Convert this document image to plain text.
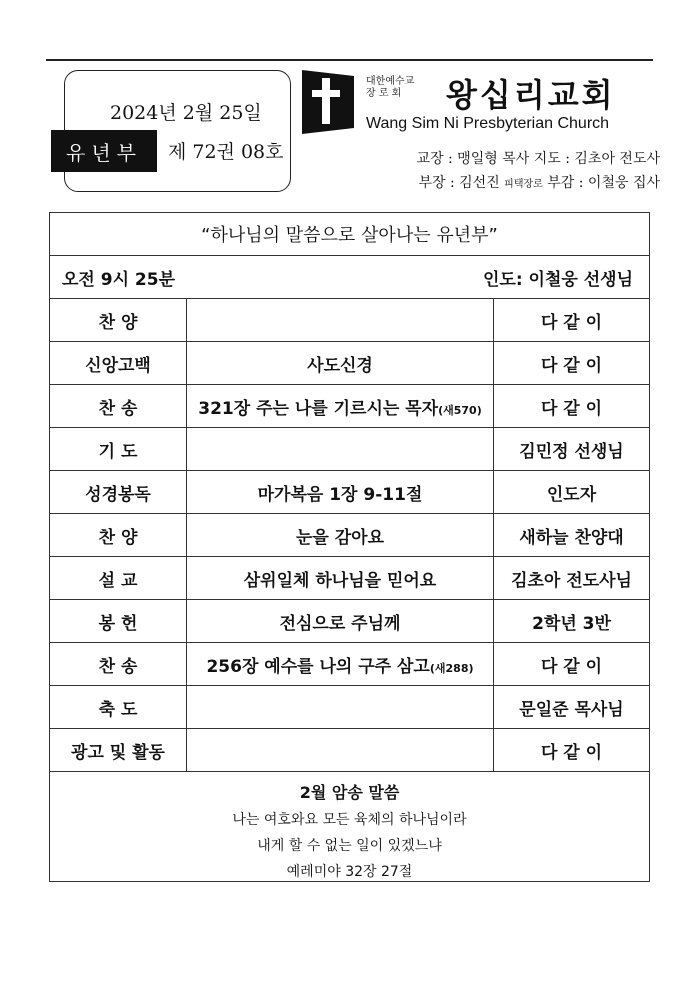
2024년 2월 25일
유년부	제 72권 08호
대한예수교
장 로 회	왕십리교회
Wang Sim Ni Presbyterian Church
교장 : 맹일형 목사 지도 : 김초아 전도사
부장 : 김선진 피택장로 부감 : 이철웅 집사
“하나님의 말씀으로 살아나는 유년부”		

오전 9시 25분 인도: 이철웅 선생님		

찬 양		다 같 이
신앙고백	사도신경	다 같 이
찬 송	321장 주는 나를 기르시는 목자(새570)	다 같 이
기 도		김민정 선생님
성경봉독	마가복음 1장 9-11절	인도자
찬 양	눈을 감아요	새하늘 찬양대
설 교	삼위일체 하나님을 믿어요	김초아 전도사님
봉 헌	전심으로 주님께	2학년 3반
찬 송	256장 예수를 나의 구주 삼고(새288)	다 같 이
축 도		문일준 목사님
광고 및 활동		다 같 이

2월 암송 말씀
나는 여호와요 모든 육체의 하나님이라
내게 할 수 없는 일이 있겠느냐
예레미야 32장 27절		
